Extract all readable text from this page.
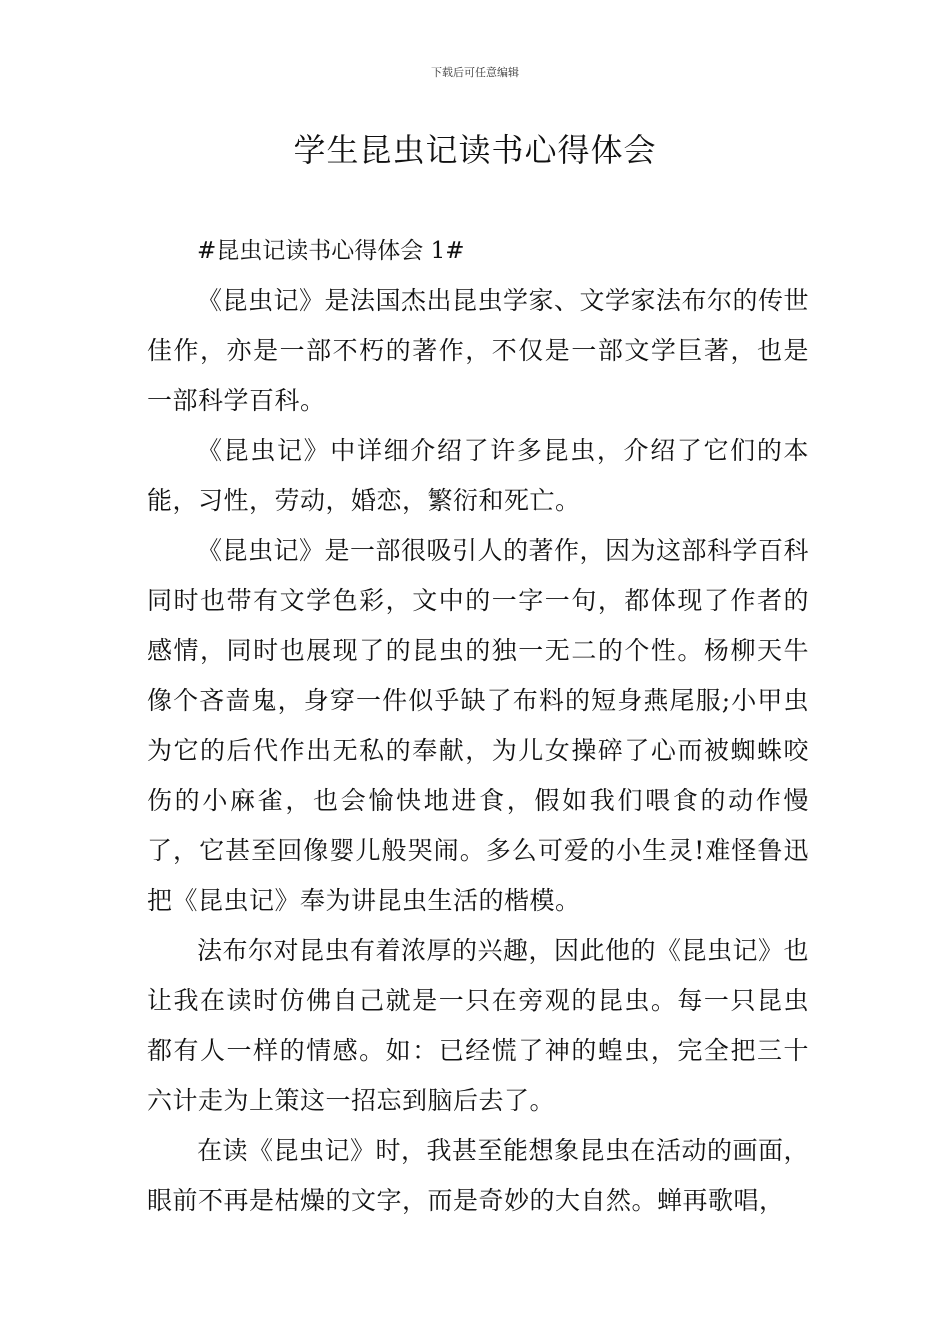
下载后可任意编辑
学生昆虫记读书心得体会

#昆虫记读书心得体会 1#

《昆虫记》是法国杰出昆虫学家、文学家法布尔的传世佳作，亦是一部不朽的著作，不仅是一部文学巨著，也是一部科学百科。

《昆虫记》中详细介绍了许多昆虫，介绍了它们的本能，习性，劳动，婚恋，繁衍和死亡。

《昆虫记》是一部很吸引人的著作，因为这部科学百科同时也带有文学色彩，文中的一字一句，都体现了作者的感情，同时也展现了的昆虫的独一无二的个性。杨柳天牛像个吝啬鬼，身穿一件似乎缺了布料的短身燕尾服;小甲虫为它的后代作出无私的奉献，为儿女操碎了心而被蜘蛛咬伤的小麻雀，也会愉快地进食，假如我们喂食的动作慢了，它甚至回像婴儿般哭闹。多么可爱的小生灵!难怪鲁迅把《昆虫记》奉为讲昆虫生活的楷模。

法布尔对昆虫有着浓厚的兴趣，因此他的《昆虫记》也让我在读时仿佛自己就是一只在旁观的昆虫。每一只昆虫都有人一样的情感。如：已经慌了神的蝗虫，完全把三十六计走为上策这一招忘到脑后去了。

在读《昆虫记》时，我甚至能想象昆虫在活动的画面，眼前不再是枯燥的文字，而是奇妙的大自然。蝉再歌唱，
